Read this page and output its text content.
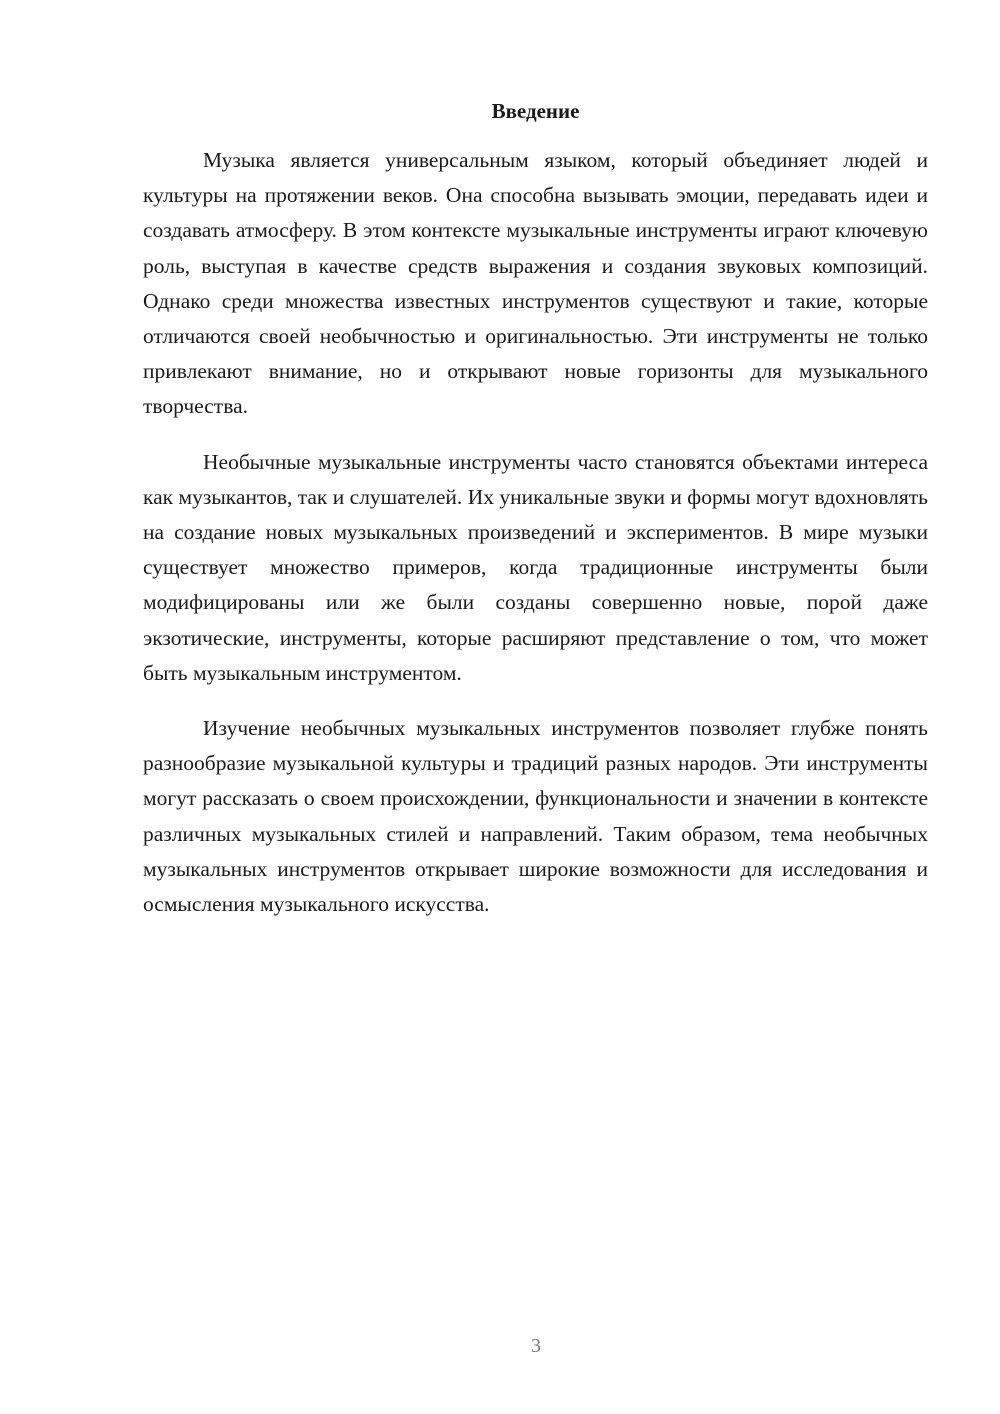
Введение

Музыка является универсальным языком, который объединяет людей и культуры на протяжении веков. Она способна вызывать эмоции, передавать идеи и создавать атмосферу. В этом контексте музыкальные инструменты играют ключевую роль, выступая в качестве средств выражения и создания звуковых композиций. Однако среди множества известных инструментов существуют и такие, которые отличаются своей необычностью и оригинальностью. Эти инструменты не только привлекают внимание, но и открывают новые горизонты для музыкального творчества.

Необычные музыкальные инструменты часто становятся объектами интереса как музыкантов, так и слушателей. Их уникальные звуки и формы могут вдохновлять на создание новых музыкальных произведений и экспериментов. В мире музыки существует множество примеров, когда традиционные инструменты были модифицированы или же были созданы совершенно новые, порой даже экзотические, инструменты, которые расширяют представление о том, что может быть музыкальным инструментом.

Изучение необычных музыкальных инструментов позволяет глубже понять разнообразие музыкальной культуры и традиций разных народов. Эти инструменты могут рассказать о своем происхождении, функциональности и значении в контексте различных музыкальных стилей и направлений. Таким образом, тема необычных музыкальных инструментов открывает широкие возможности для исследования и осмысления музыкального искусства.

3
